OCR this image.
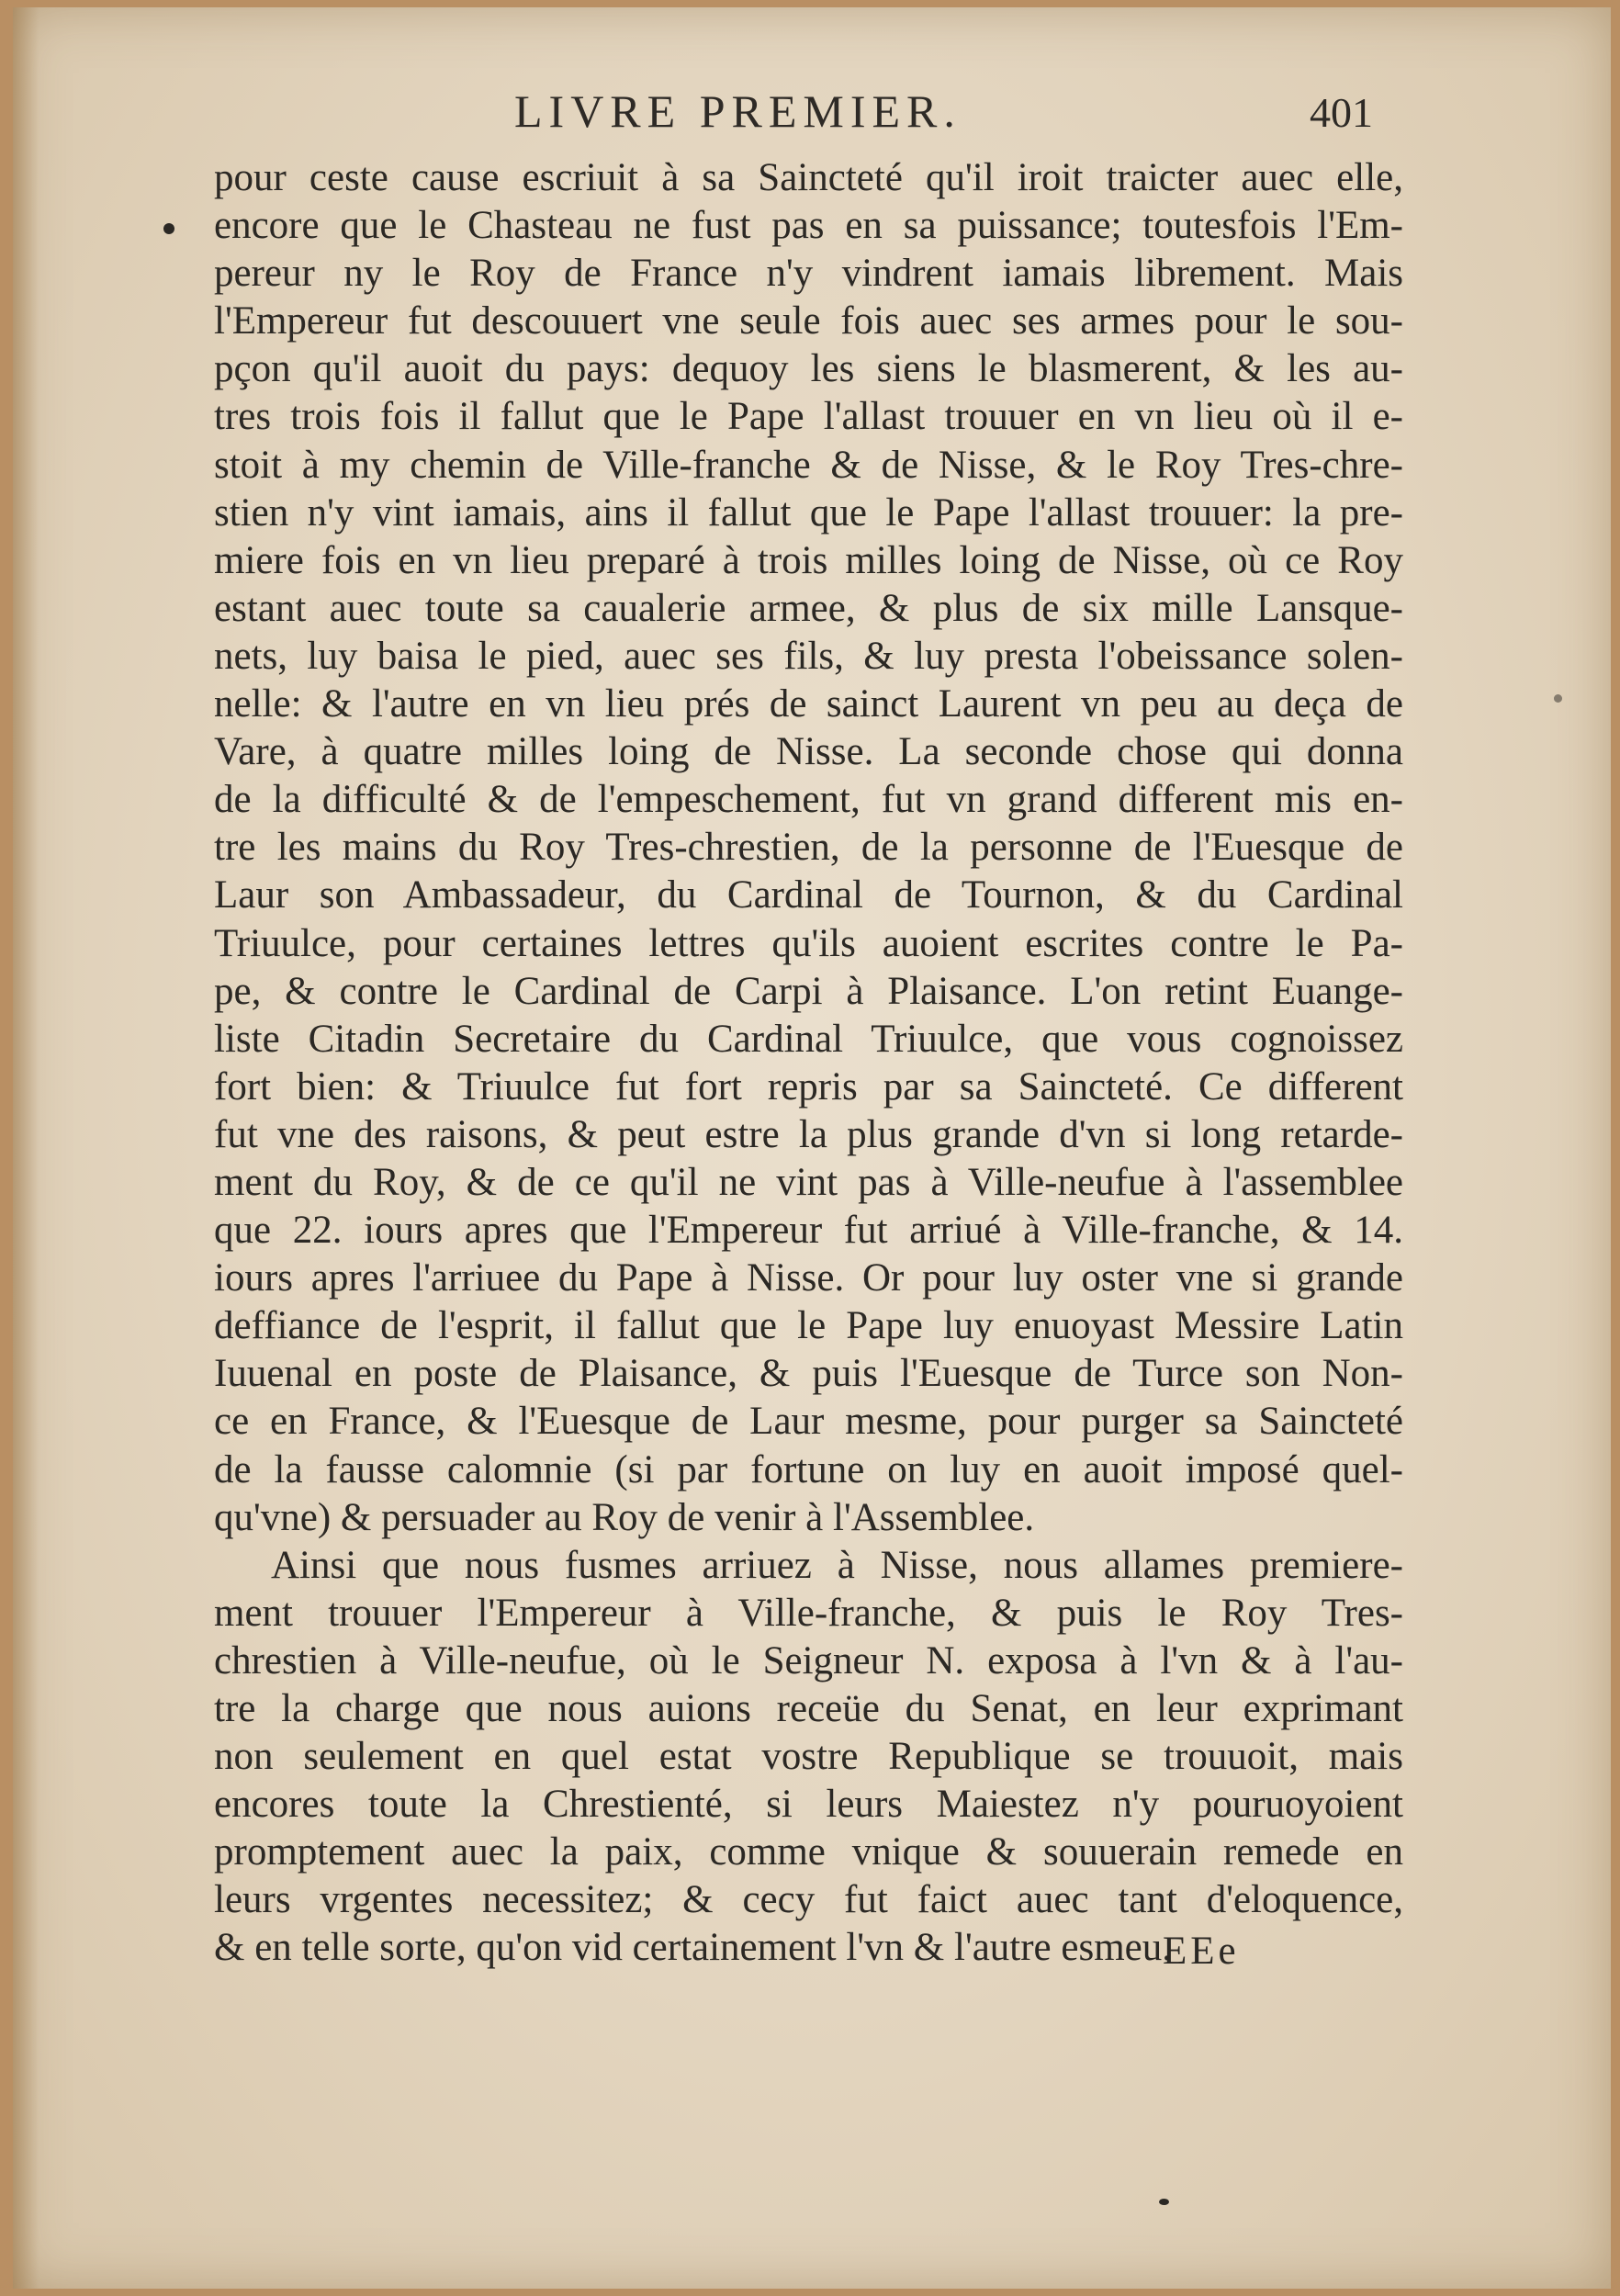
LIVRE PREMIER.	401
pour ceste cause escriuit à sa Saincteté qu'il iroit traicter auec elle,
encore que le Chasteau ne fust pas en sa puissance; toutesfois l'Em-
pereur ny le Roy de France n'y vindrent iamais librement. Mais
l'Empereur fut descouuert vne seule fois auec ses armes pour le sou-
pçon qu'il auoit du pays: dequoy les siens le blasmerent, & les au-
tres trois fois il fallut que le Pape l'allast trouuer en vn lieu où il e-
stoit à my chemin de Ville-franche & de Nisse, & le Roy Tres-chre-
stien n'y vint iamais, ains il fallut que le Pape l'allast trouuer: la pre-
miere fois en vn lieu preparé à trois milles loing de Nisse, où ce Roy
estant auec toute sa caualerie armee, & plus de six mille Lansque-
nets, luy baisa le pied, auec ses fils, & luy presta l'obeissance solen-
nelle: & l'autre en vn lieu prés de sainct Laurent vn peu au deça de
Vare, à quatre milles loing de Nisse. La seconde chose qui donna
de la difficulté & de l'empeschement, fut vn grand different mis en-
tre les mains du Roy Tres-chrestien, de la personne de l'Euesque de
Laur son Ambassadeur, du Cardinal de Tournon, & du Cardinal
Triuulce, pour certaines lettres qu'ils auoient escrites contre le Pa-
pe, & contre le Cardinal de Carpi à Plaisance. L'on retint Euange-
liste Citadin Secretaire du Cardinal Triuulce, que vous cognoissez
fort bien: & Triuulce fut fort repris par sa Saincteté. Ce different
fut vne des raisons, & peut estre la plus grande d'vn si long retarde-
ment du Roy, & de ce qu'il ne vint pas à Ville-neufue à l'assemblee
que 22. iours apres que l'Empereur fut arriué à Ville-franche, & 14.
iours apres l'arriuee du Pape à Nisse. Or pour luy oster vne si grande
deffiance de l'esprit, il fallut que le Pape luy enuoyast Messire Latin
Iuuenal en poste de Plaisance, & puis l'Euesque de Turce son Non-
ce en France, & l'Euesque de Laur mesme, pour purger sa Saincteté
de la fausse calomnie (si par fortune on luy en auoit imposé quel-
qu'vne) & persuader au Roy de venir à l'Assemblee.
Ainsi que nous fusmes arriuez à Nisse, nous allames premiere-
ment trouuer l'Empereur à Ville-franche, & puis le Roy Tres-
chrestien à Ville-neufue, où le Seigneur N. exposa à l'vn & à l'au-
tre la charge que nous auions receüe du Senat, en leur exprimant
non seulement en quel estat vostre Republique se trouuoit, mais
encores toute la Chrestienté, si leurs Maiestez n'y pouruoyoient
promptement auec la paix, comme vnique & souuerain remede en
leurs vrgentes necessitez; & cecy fut faict auec tant d'eloquence,
& en telle sorte, qu'on vid certainement l'vn & l'autre esmeu.
EEe
